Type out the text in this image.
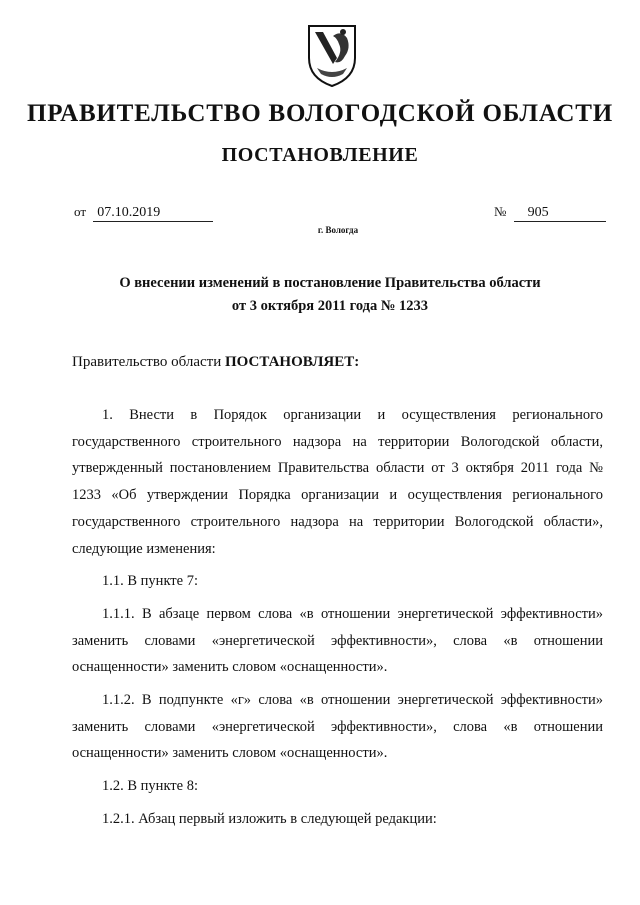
ПРАВИТЕЛЬСТВО ВОЛОГОДСКОЙ ОБЛАСТИ
ПОСТАНОВЛЕНИЕ
от 07.10.2019	№ 905
г. Вологда
О внесении изменений в постановление Правительства области
от 3 октября 2011 года № 1233
Правительство области ПОСТАНОВЛЯЕТ:

1. Внести в Порядок организации и осуществления регионального государственного строительного надзора на территории Вологодской области, утвержденный постановлением Правительства области от 3 октября 2011 года № 1233 «Об утверждении Порядка организации и осуществления регионального государственного строительного надзора на территории Вологодской области», следующие изменения:

1.1. В пункте 7:

1.1.1. В абзаце первом слова «в отношении энергетической эффективности» заменить словами «энергетической эффективности», слова «в отношении оснащенности» заменить словом «оснащенности».

1.1.2. В подпункте «г» слова «в отношении энергетической эффективности» заменить словами «энергетической эффективности», слова «в отношении оснащенности» заменить словом «оснащенности».

1.2. В пункте 8:

1.2.1. Абзац первый изложить в следующей редакции:
